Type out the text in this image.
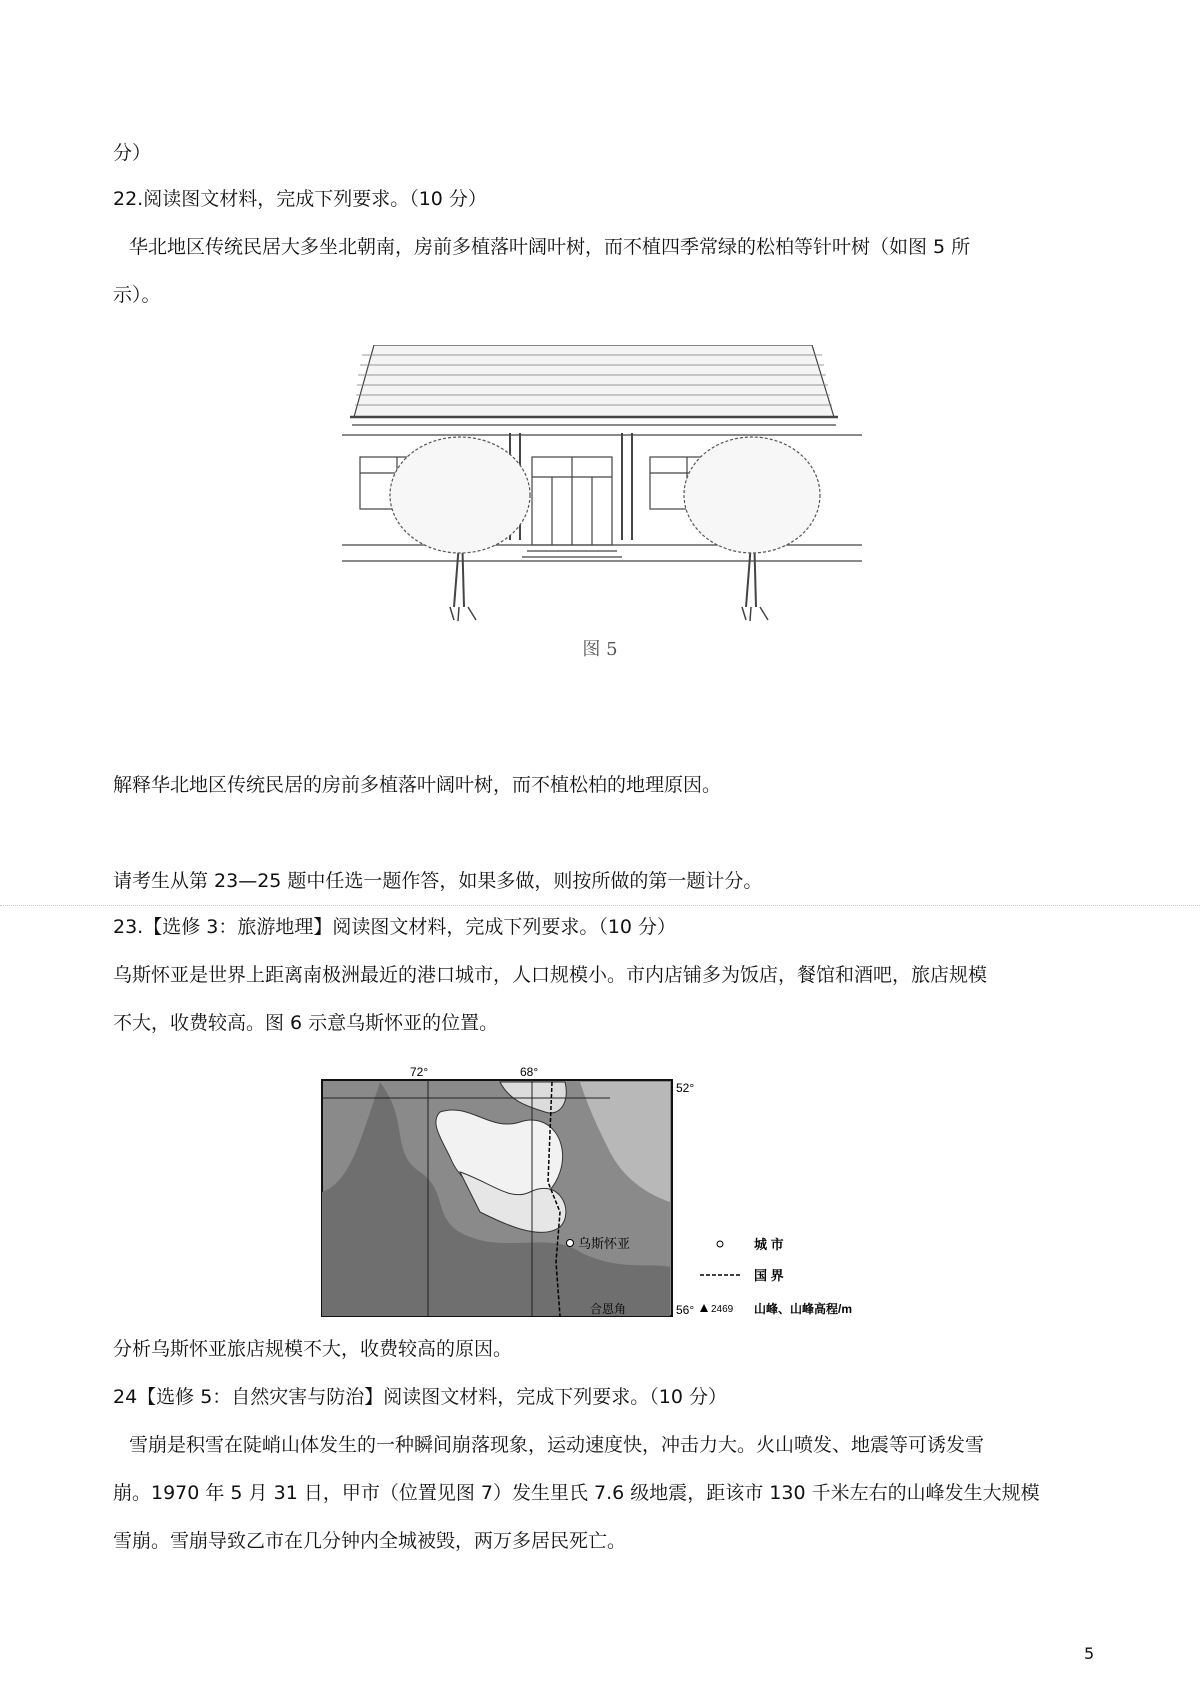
分）
22.阅读图文材料，完成下列要求。（10 分）
华北地区传统民居大多坐北朝南，房前多植落叶阔叶树，而不植四季常绿的松柏等针叶树（如图 5 所
示）。
图 5
解释华北地区传统民居的房前多植落叶阔叶树，而不植松柏的地理原因。
请考生从第 23—25 题中任选一题作答，如果多做，则按所做的第一题计分。
23.【选修 3：旅游地理】阅读图文材料，完成下列要求。（10 分）
乌斯怀亚是世界上距离南极洲最近的港口城市，人口规模小。市内店铺多为饭店，餐馆和酒吧，旅店规模
不大，收费较高。图 6 示意乌斯怀亚的位置。
乌斯怀亚
合恩角
72°	68°
52°
56°
城 市
国 界
2469 山峰、山峰高程/m
分析乌斯怀亚旅店规模不大，收费较高的原因。
24【选修 5：自然灾害与防治】阅读图文材料，完成下列要求。（10 分）
雪崩是积雪在陡峭山体发生的一种瞬间崩落现象，运动速度快，冲击力大。火山喷发、地震等可诱发雪
崩。1970 年 5 月 31 日，甲市（位置见图 7）发生里氏 7.6 级地震，距该市 130 千米左右的山峰发生大规模
雪崩。雪崩导致乙市在几分钟内全城被毁，两万多居民死亡。
5
